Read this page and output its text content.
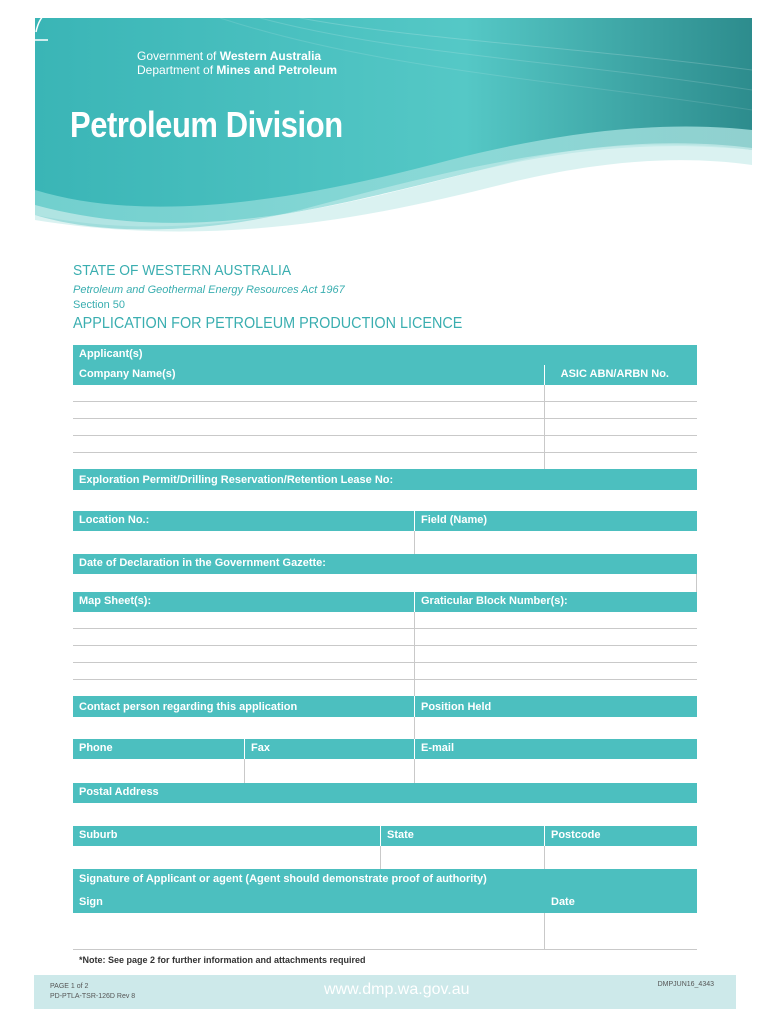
Government of Western Australia
Department of Mines and Petroleum
Petroleum Division
STATE OF WESTERN AUSTRALIA
Petroleum and Geothermal Energy Resources Act 1967
Section 50
APPLICATION FOR PETROLEUM PRODUCTION LICENCE
Applicant(s)
Company Name(s)	ASIC ABN/ARBN No.
Exploration Permit/Drilling Reservation/Retention Lease No:
Location No.:	Field (Name)
Date of Declaration in the Government Gazette:
Map Sheet(s):	Graticular Block Number(s):
Contact person regarding this application	Position Held
Phone	Fax	E-mail
Postal Address
Suburb	State	Postcode
Signature of Applicant or agent (Agent should demonstrate proof of authority)
Sign	Date
*Note: See page 2 for further information and attachments required
PAGE 1 of 2
PD-PTLA-TSR-126D Rev 8	www.dmp.wa.gov.au	DMPJUN16_4343
